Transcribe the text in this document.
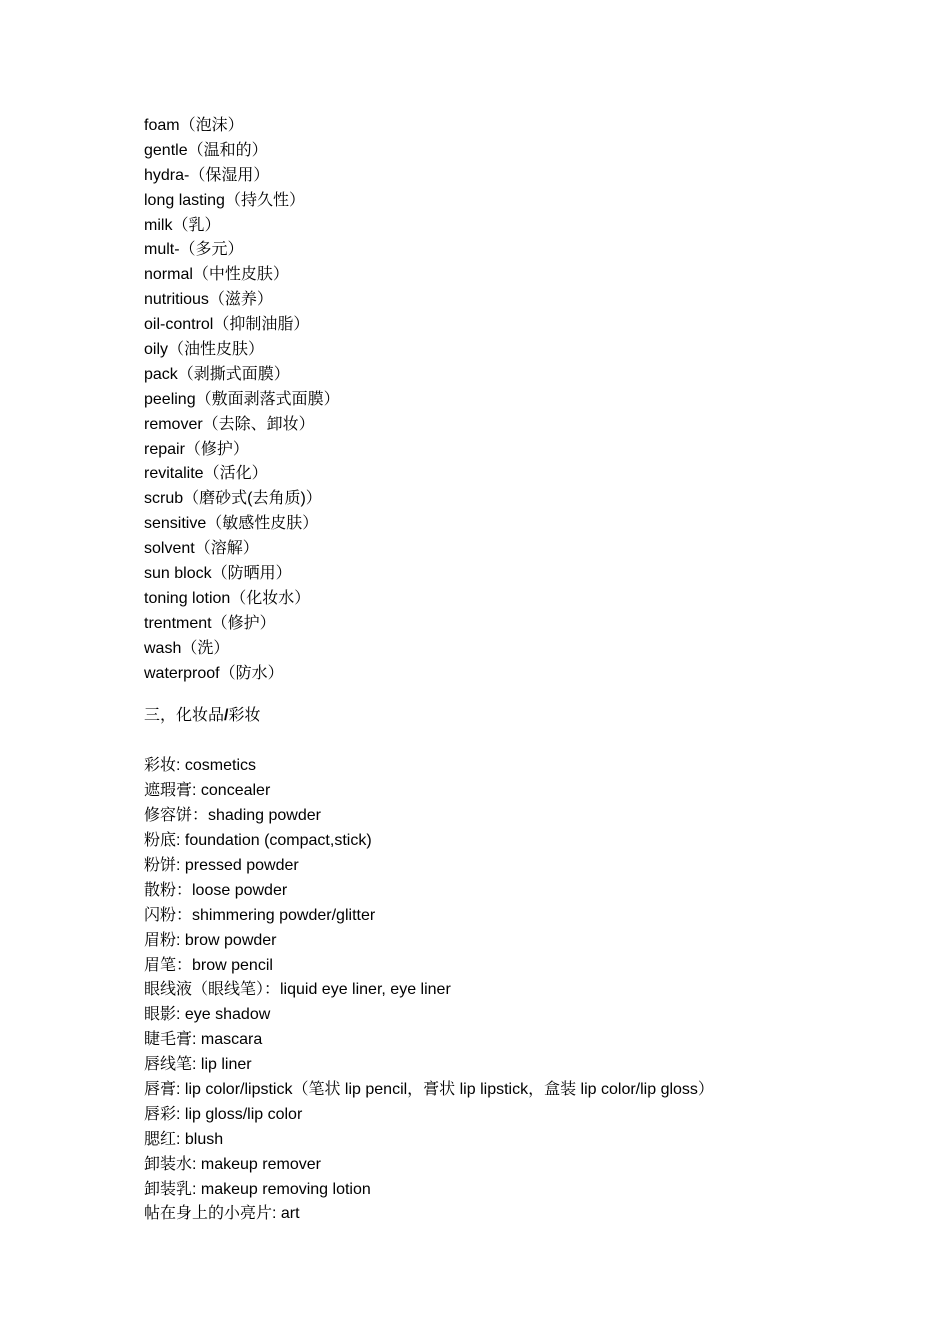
foam（泡沫）
gentle（温和的）
hydra-（保湿用）
long lasting（持久性）
milk（乳）
mult-（多元）
normal（中性皮肤）
nutritious（滋养）
oil-control（抑制油脂）
oily（油性皮肤）
pack（剥撕式面膜）
peeling（敷面剥落式面膜）
remover（去除、卸妆）
repair（修护）
revitalite（活化）
scrub（磨砂式(去角质)）
sensitive（敏感性皮肤）
solvent（溶解）
sun block（防晒用）
toning lotion（化妆水）
trentment（修护）
wash（洗）
waterproof（防水）
三，化妆品/彩妆
彩妆: cosmetics
遮瑕膏: concealer
修容饼：shading powder
粉底: foundation (compact,stick)
粉饼: pressed powder
散粉：loose powder
闪粉：shimmering powder/glitter
眉粉: brow powder
眉笔：brow pencil
眼线液（眼线笔）：liquid eye liner, eye liner
眼影: eye shadow
睫毛膏: mascara
唇线笔: lip liner
唇膏: lip color/lipstick（笔状 lip pencil，膏状 lip lipstick，盒装 lip color/lip gloss）
唇彩: lip gloss/lip color
腮红: blush
卸装水: makeup remover
卸装乳: makeup removing lotion
帖在身上的小亮片: art
